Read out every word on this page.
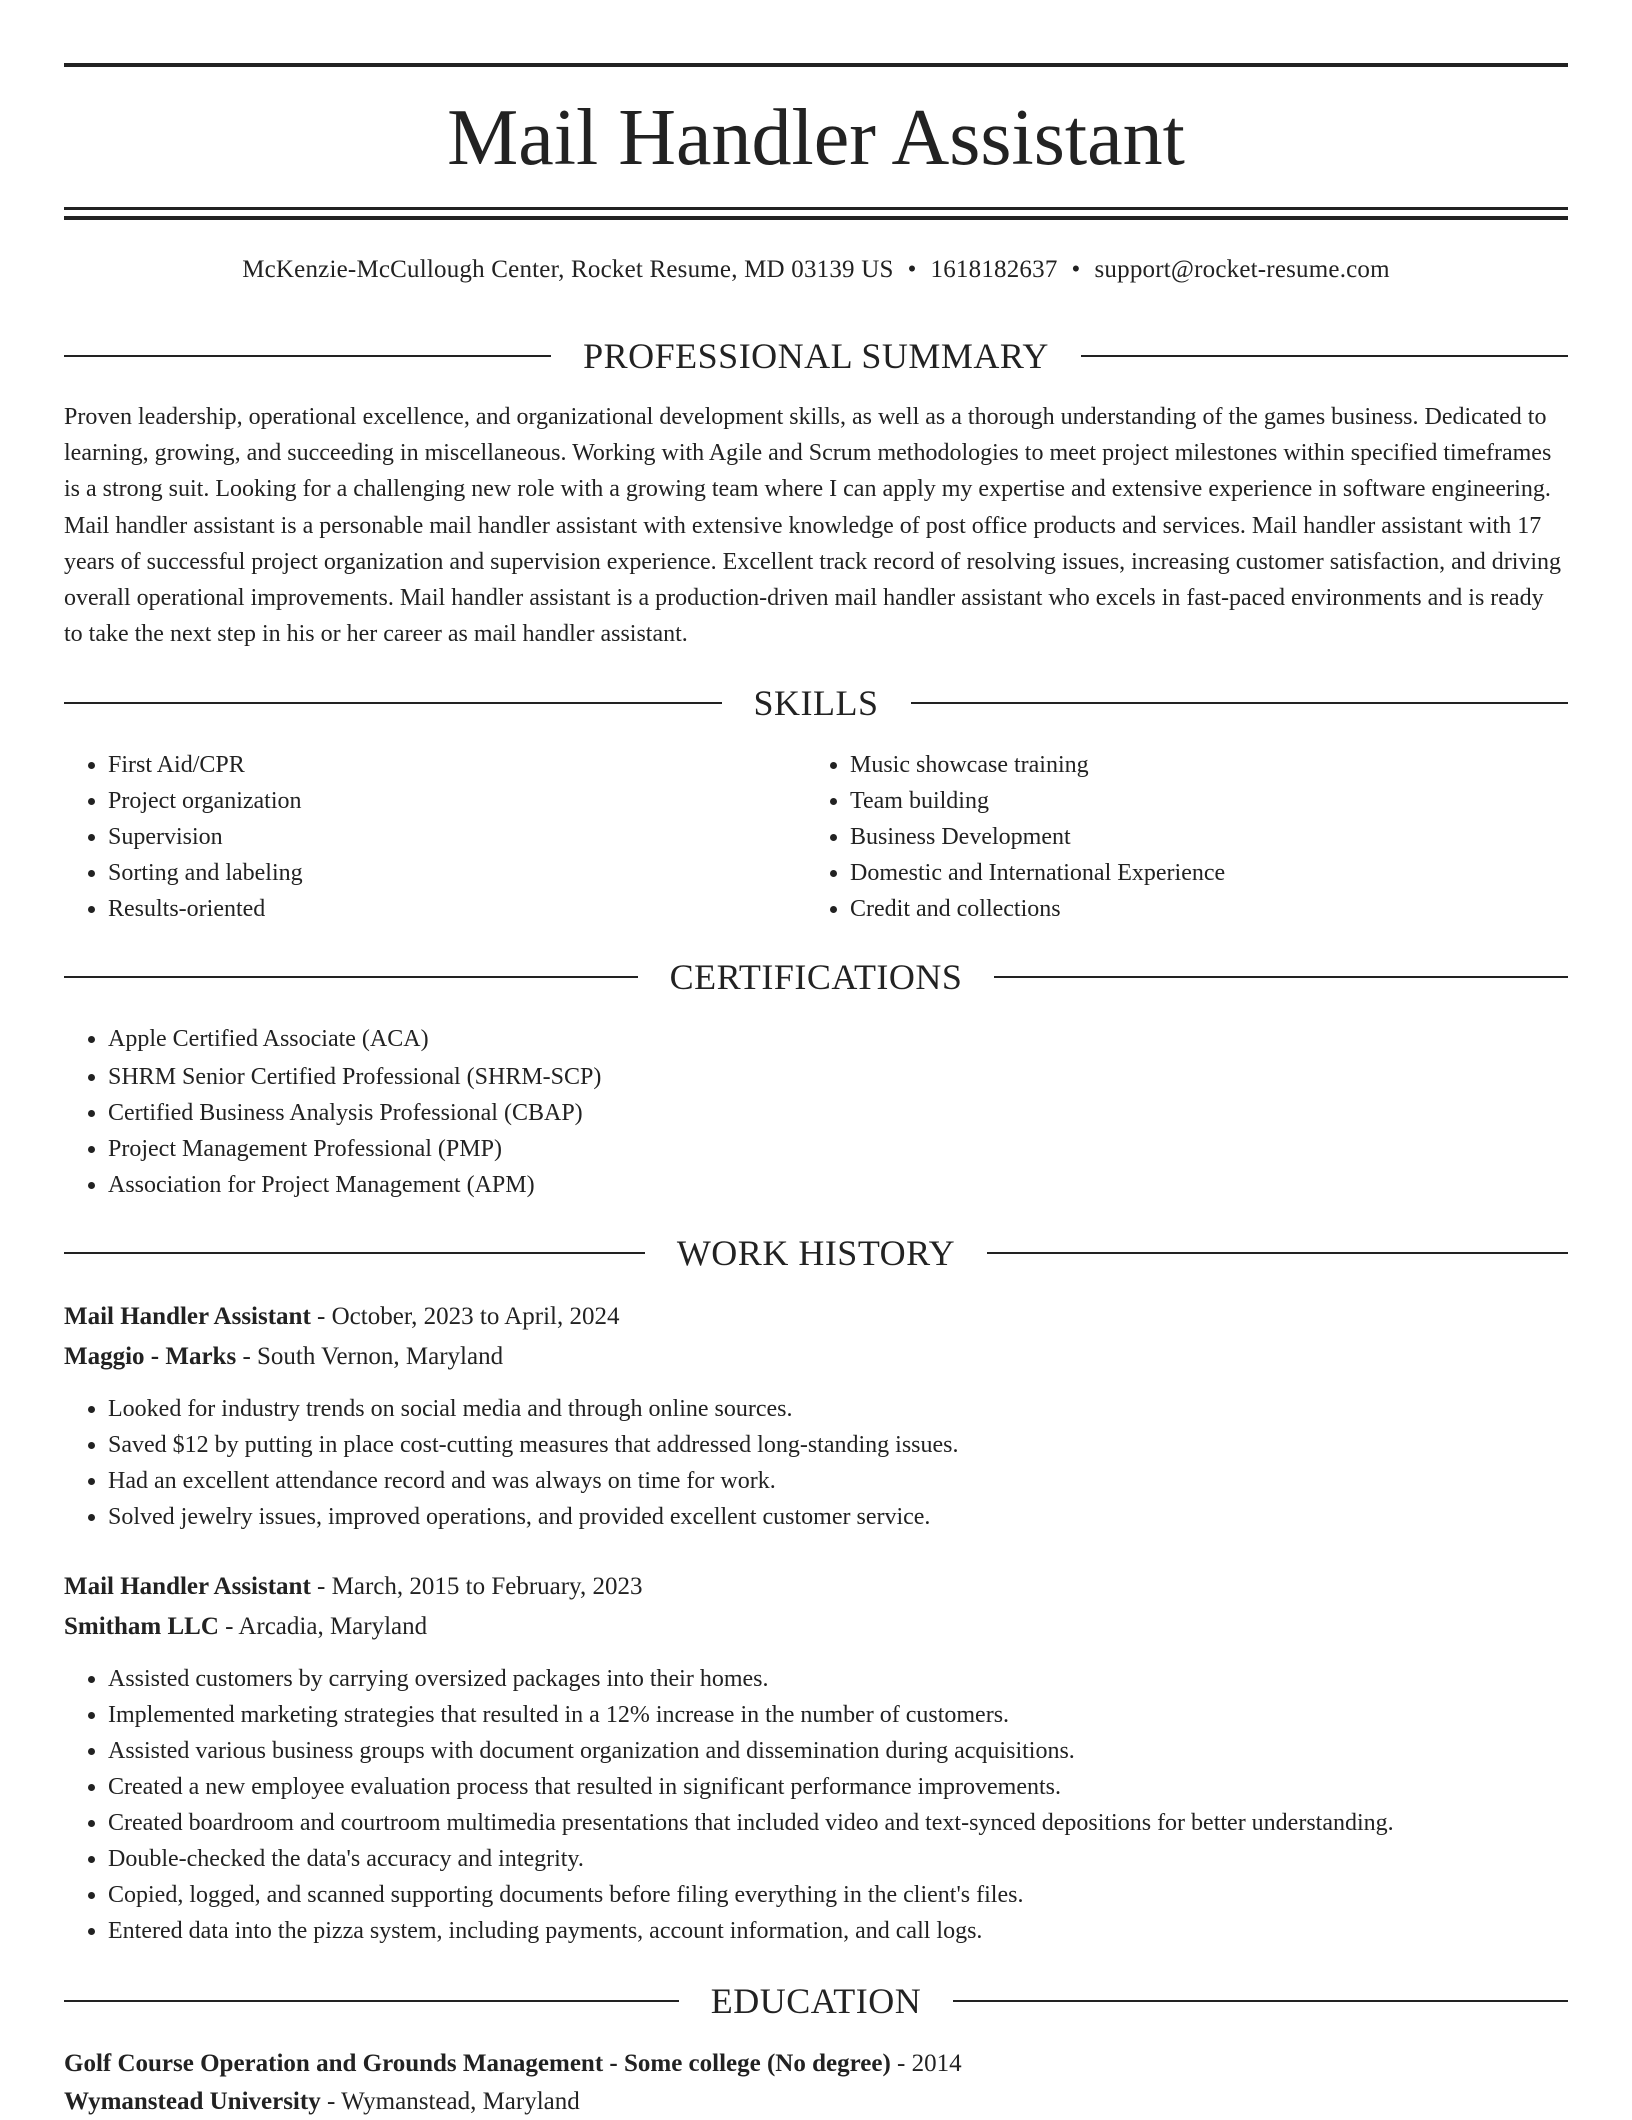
Mail Handler Assistant
McKenzie-McCullough Center, Rocket Resume, MD 03139 US • 1618182637 • support@rocket-resume.com
PROFESSIONAL SUMMARY

Proven leadership, operational excellence, and organizational development skills, as well as a thorough understanding of the games business. Dedicated to learning, growing, and succeeding in miscellaneous. Working with Agile and Scrum methodologies to meet project milestones within specified timeframes is a strong suit. Looking for a challenging new role with a growing team where I can apply my expertise and extensive experience in software engineering. Mail handler assistant is a personable mail handler assistant with extensive knowledge of post office products and services. Mail handler assistant with 17 years of successful project organization and supervision experience. Excellent track record of resolving issues, increasing customer satisfaction, and driving overall operational improvements. Mail handler assistant is a production-driven mail handler assistant who excels in fast-paced environments and is ready to take the next step in his or her career as mail handler assistant.

SKILLS
• First Aid/CPR
• Project organization
• Supervision
• Sorting and labeling
• Results-oriented
• Music showcase training
• Team building
• Business Development
• Domestic and International Experience
• Credit and collections
CERTIFICATIONS
• Apple Certified Associate (ACA)
• SHRM Senior Certified Professional (SHRM-SCP)
• Certified Business Analysis Professional (CBAP)
• Project Management Professional (PMP)
• Association for Project Management (APM)
WORK HISTORY
Mail Handler Assistant - October, 2023 to April, 2024
Maggio - Marks - South Vernon, Maryland
• Looked for industry trends on social media and through online sources.
• Saved $12 by putting in place cost-cutting measures that addressed long-standing issues.
• Had an excellent attendance record and was always on time for work.
• Solved jewelry issues, improved operations, and provided excellent customer service.
Mail Handler Assistant - March, 2015 to February, 2023
Smitham LLC - Arcadia, Maryland
• Assisted customers by carrying oversized packages into their homes.
• Implemented marketing strategies that resulted in a 12% increase in the number of customers.
• Assisted various business groups with document organization and dissemination during acquisitions.
• Created a new employee evaluation process that resulted in significant performance improvements.
• Created boardroom and courtroom multimedia presentations that included video and text-synced depositions for better understanding.
• Double-checked the data's accuracy and integrity.
• Copied, logged, and scanned supporting documents before filing everything in the client's files.
• Entered data into the pizza system, including payments, account information, and call logs.
EDUCATION
Golf Course Operation and Grounds Management - Some college (No degree) - 2014
Wymanstead University - Wymanstead, Maryland
